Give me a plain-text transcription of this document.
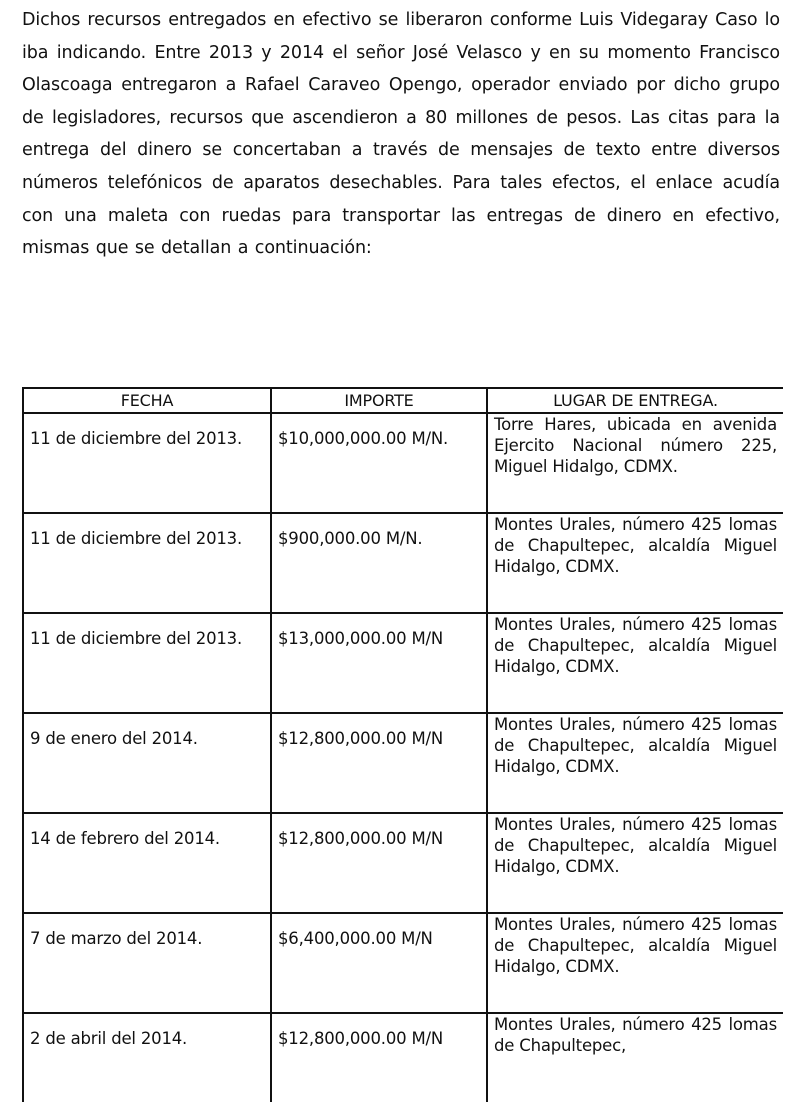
Dichos recursos entregados en efectivo se liberaron conforme Luis Videgaray Caso lo iba indicando. Entre 2013 y 2014 el señor José Velasco y en su momento Francisco Olascoaga entregaron a Rafael Caraveo Opengo, operador enviado por dicho grupo de legisladores, recursos que ascendieron a 80 millones de pesos. Las citas para la entrega del dinero se concertaban a través de mensajes de texto entre diversos números telefónicos de aparatos desechables. Para tales efectos, el enlace acudía con una maleta con ruedas para transportar las entregas de dinero en efectivo, mismas que se detallan a continuación:
FECHA	IMPORTE	LUGAR DE ENTREGA.
11 de diciembre del 2013.	$10,000,000.00 M/N.	Torre Hares, ubicada en avenida Ejercito Nacional número 225, Miguel Hidalgo, CDMX.
11 de diciembre del 2013.	$900,000.00 M/N.	Montes Urales, número 425 lomas de Chapultepec, alcaldía Miguel Hidalgo, CDMX.
11 de diciembre del 2013.	$13,000,000.00 M/N	Montes Urales, número 425 lomas de Chapultepec, alcaldía Miguel Hidalgo, CDMX.
9 de enero del 2014.	$12,800,000.00 M/N	Montes Urales, número 425 lomas de Chapultepec, alcaldía Miguel Hidalgo, CDMX.
14 de febrero del 2014.	$12,800,000.00 M/N	Montes Urales, número 425 lomas de Chapultepec, alcaldía Miguel Hidalgo, CDMX.
7 de marzo del 2014.	$6,400,000.00 M/N	Montes Urales, número 425 lomas de Chapultepec, alcaldía Miguel Hidalgo, CDMX.
2 de abril del 2014.	$12,800,000.00 M/N	Montes Urales, número 425 lomas de Chapultepec,
